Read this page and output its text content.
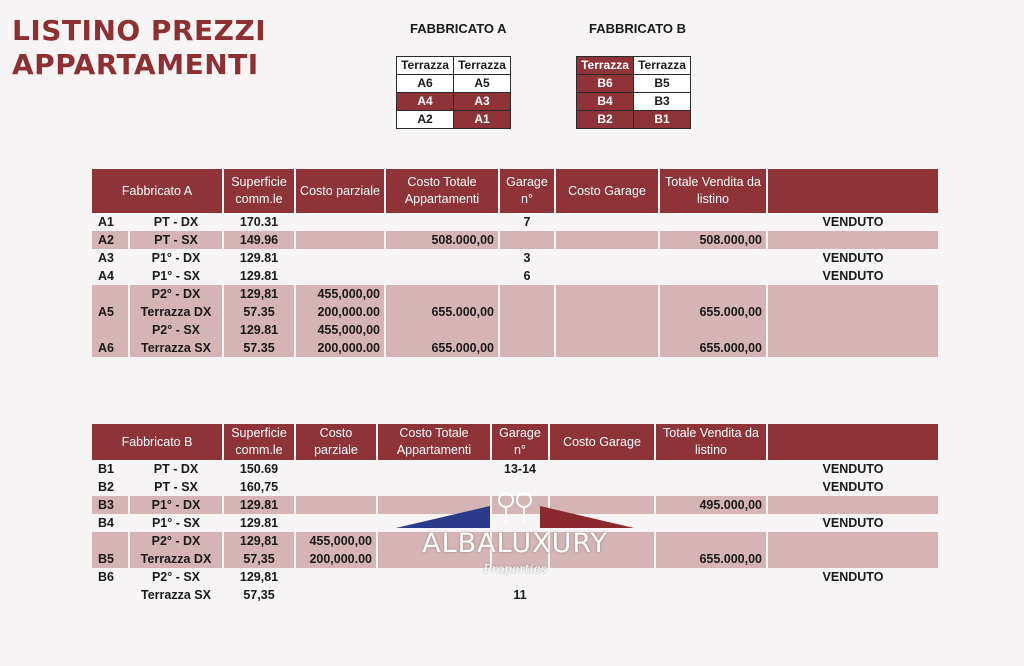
LISTINO PREZZI
APPARTAMENTI
FABBRICATO A
Terrazza	Terrazza
A6	A5
A4	A3
A2	A1
FABBRICATO B
Terrazza	Terrazza
B6	B5
B4	B3
B2	B1
Fabbricato A		Superficie comm.le	Costo parziale	Costo Totale Appartamenti	Garage n°	Costo Garage	Totale Vendita da listino	
A1	PT - DX	170.31			7			VENDUTO
A2	PT - SX	149.96		508.000,00			508.000,00	
A3	P1° - DX	129.81			3			VENDUTO
A4	P1° - SX	129.81			6			VENDUTO
	P2° - DX	129,81	455,000,00					
A5	Terrazza DX	57.35	200,000.00	655.000,00			655.000,00	
	P2° - SX	129.81	455,000,00					
A6	Terrazza SX	57.35	200,000.00	655.000,00			655.000,00	
Fabbricato B		Superficie comm.le	Costo parziale	Costo Totale Appartamenti	Garage n°	Costo Garage	Totale Vendita da listino	
B1	PT - DX	150.69			13-14			VENDUTO
B2	PT - SX	160,75						VENDUTO
B3	P1° - DX	129.81					495.000,00	
B4	P1° - SX	129.81						VENDUTO
	P2° - DX	129,81	455,000,00					
B5	Terrazza DX	57,35	200,000.00				655.000,00	
B6	P2° - SX	129,81						VENDUTO
	Terrazza SX	57,35			11			
ALBALUXURY
Properties
